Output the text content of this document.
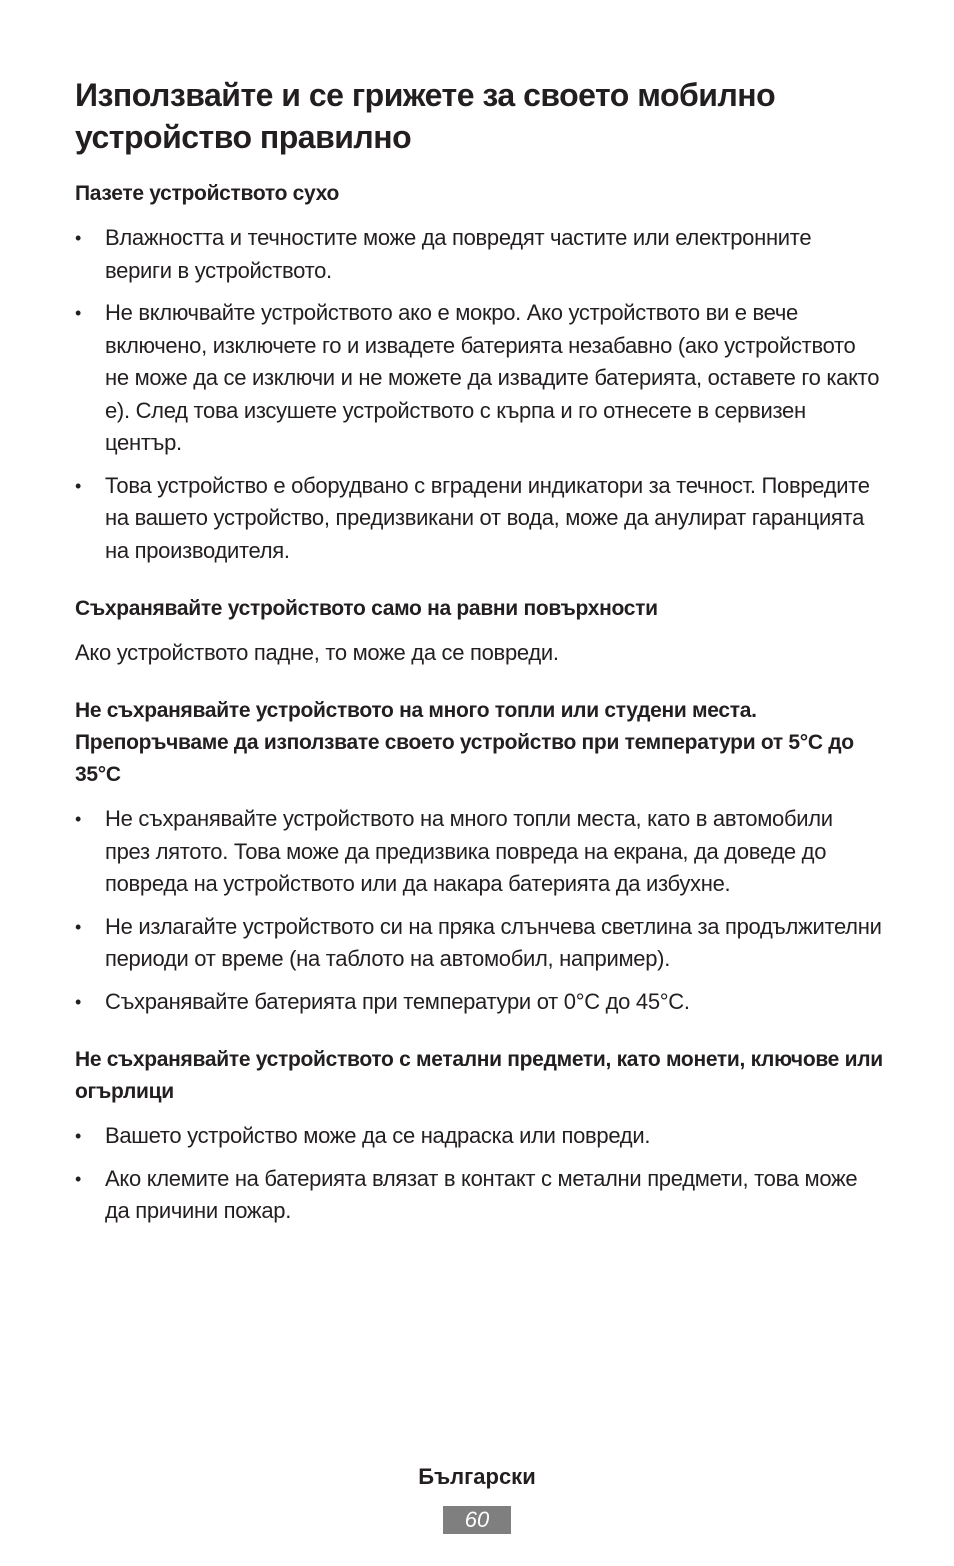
Използвайте и се грижете за своето мобилно устройство правилно
Пазете устройството сухо
•	Влажността и течностите може да повредят частите или електронните вериги в устройството.
•	Не включвайте устройството ако е мокро. Ако устройството ви е вече включено, изключете го и извадете батерията незабавно (ако устройството не може да се изключи и не можете да извадите батерията, оставете го както е). След това изсушете устройството с кърпа и го отнесете в сервизен център.
•	Това устройство е оборудвано с вградени индикатори за течност. Повредите на вашето устройство, предизвикани от вода, може да анулират гаранцията на производителя.
Съхранявайте устройството само на равни повърхности

Ако устройството падне, то може да се повреди.

Не съхранявайте устройството на много топли или студени места. Препоръчваме да използвате своето устройство при температури от 5°C до 35°C
•	Не съхранявайте устройството на много топли места, като в автомобили през лятото. Това може да предизвика повреда на екрана, да доведе до повреда на устройството или да накара батерията да избухне.
•	Не излагайте устройството си на пряка слънчева светлина за продължителни периоди от време (на таблото на автомобил, например).
•	Съхранявайте батерията при температури от 0°C до 45°C.
Не съхранявайте устройството с метални предмети, като монети, ключове или огърлици
•	Вашето устройство може да се надраска или повреди.
•	Ако клемите на батерията влязат в контакт с метални предмети, това може да причини пожар.
Български
60
